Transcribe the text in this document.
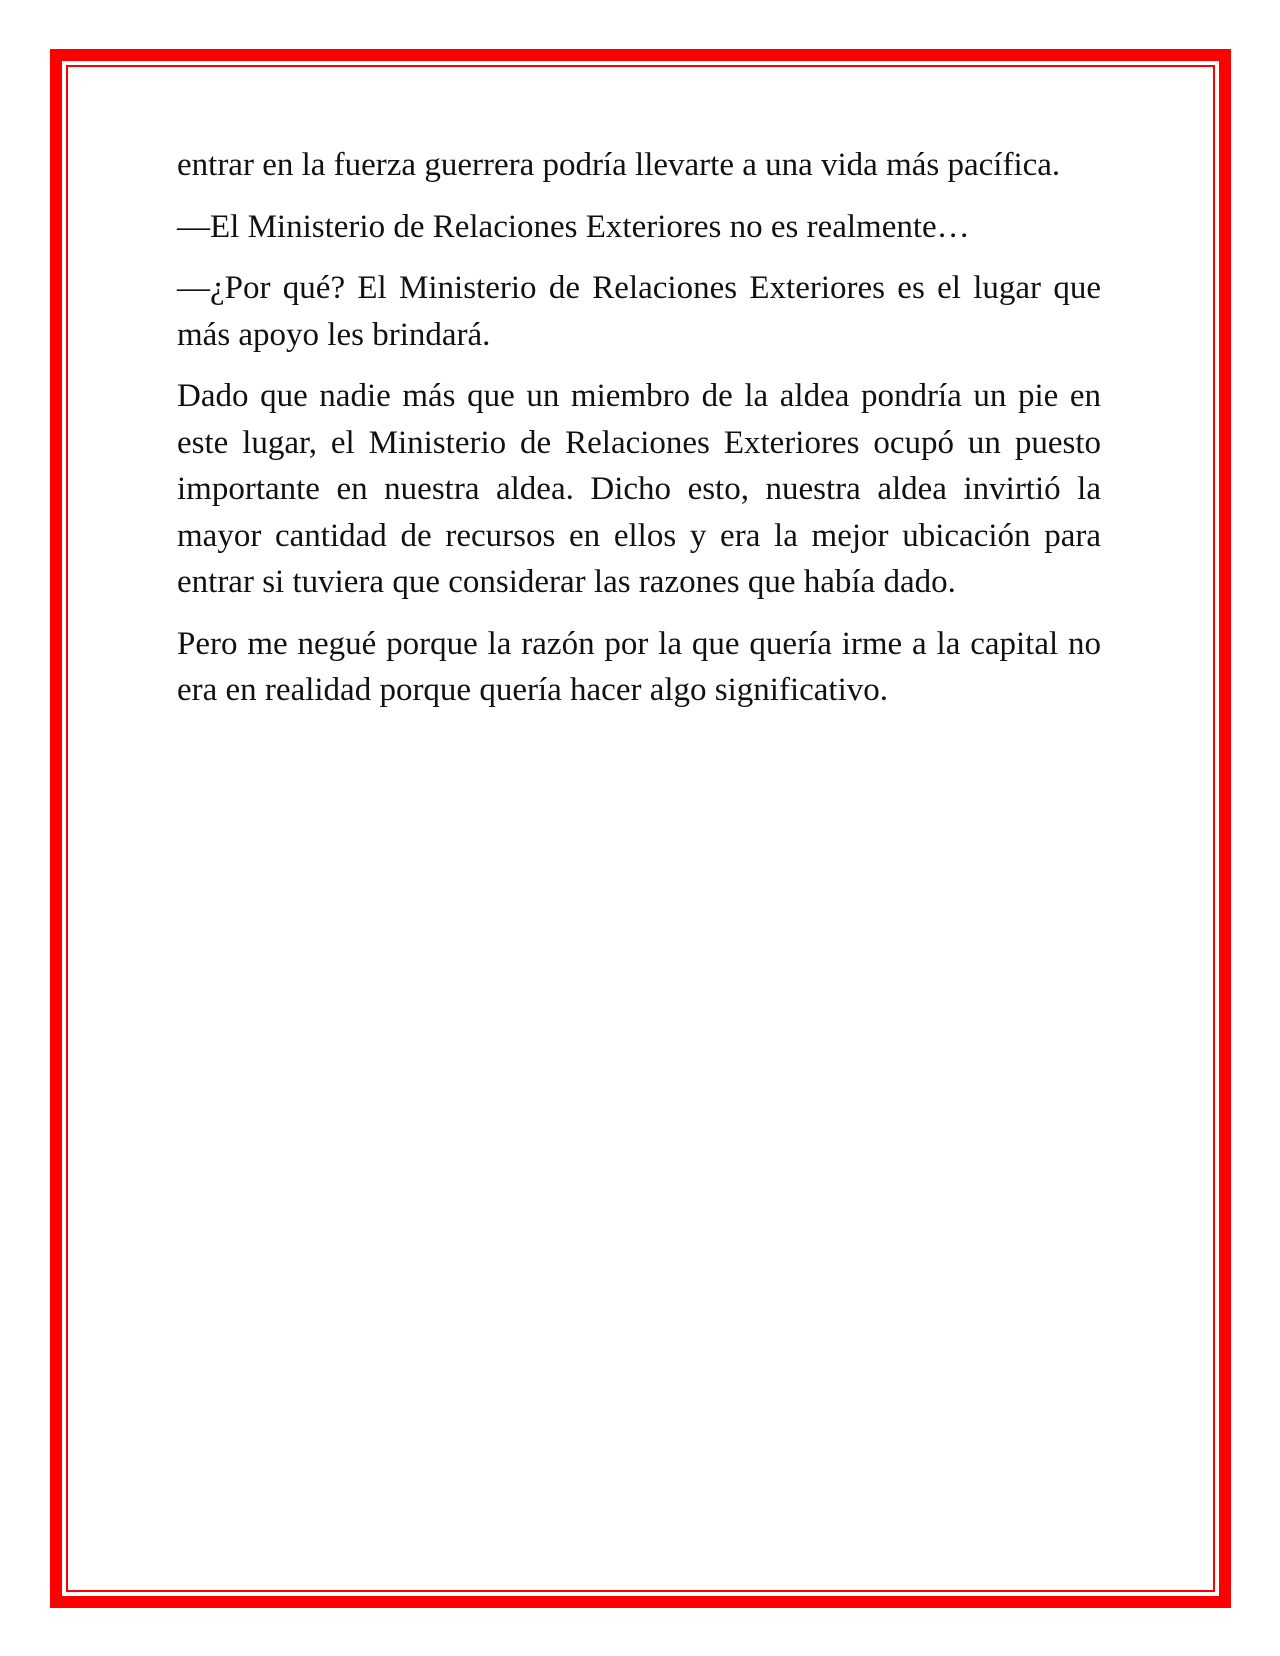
entrar en la fuerza guerrera podría llevarte a una vida más pacífica.

—El Ministerio de Relaciones Exteriores no es realmente…

—¿Por qué? El Ministerio de Relaciones Exteriores es el lugar que más apoyo les brindará.

Dado que nadie más que un miembro de la aldea pondría un pie en este lugar, el Ministerio de Relaciones Exteriores ocupó un puesto importante en nuestra aldea. Dicho esto, nuestra aldea invirtió la mayor cantidad de recursos en ellos y era la mejor ubicación para entrar si tuviera que considerar las razones que había dado.

Pero me negué porque la razón por la que quería irme a la capital no era en realidad porque quería hacer algo significativo.
